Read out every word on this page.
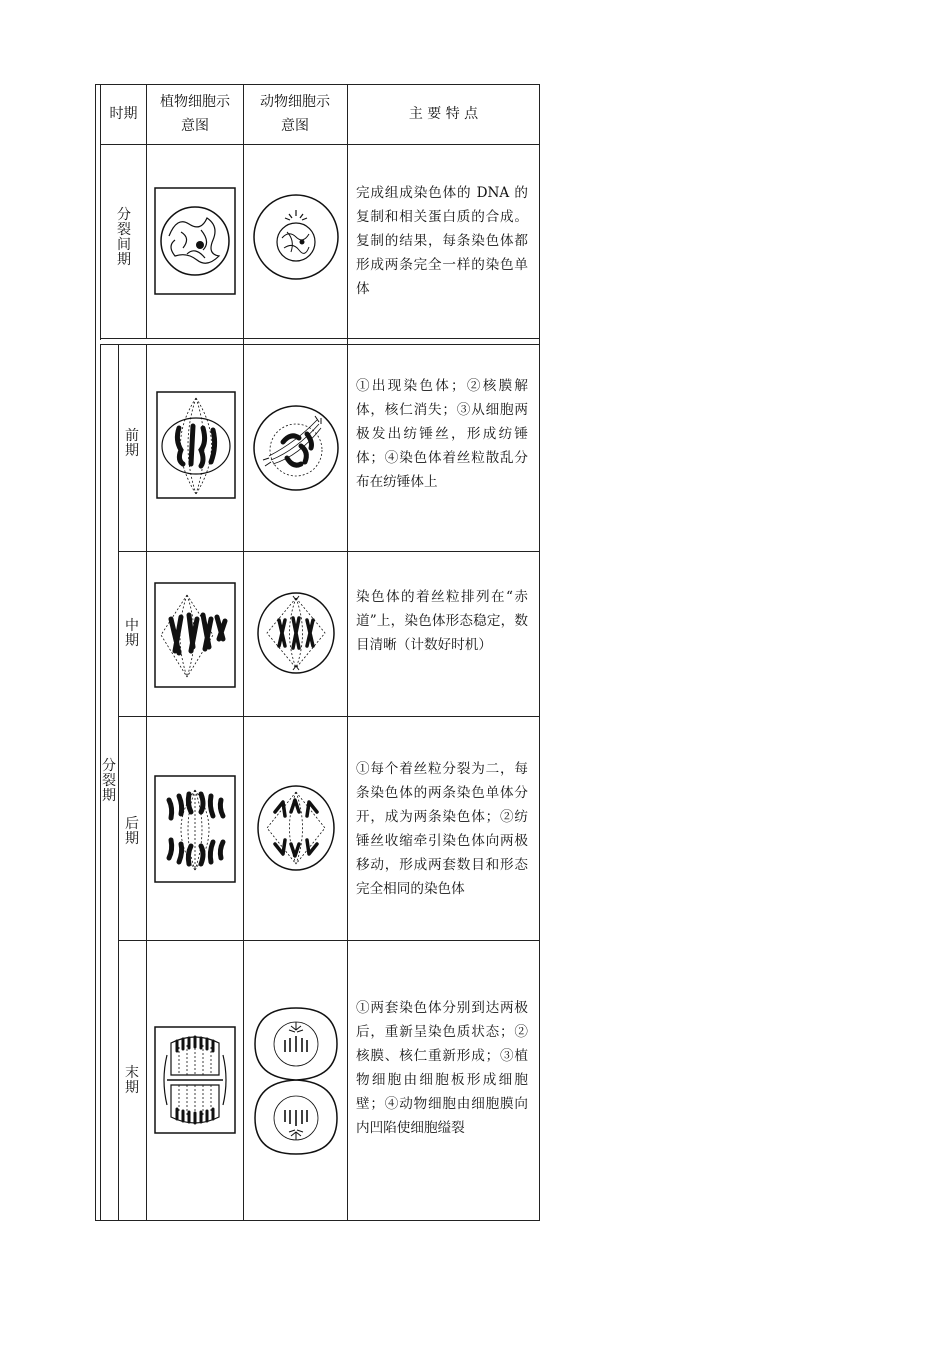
时期
植物细胞示意图
动物细胞示意图
主 要 特 点
分裂间期
完成组成染色体的 DNA 的复制和相关蛋白质的合成。复制的结果，每条染色体都形成两条完全一样的染色单体
分裂期
前期
①出现染色体；②核膜解体，核仁消失；③从细胞两极发出纺锤丝，形成纺锤体；④染色体着丝粒散乱分布在纺锤体上
中期
染色体的着丝粒排列在“赤道”上，染色体形态稳定，数目清晰（计数好时机）
后期
①每个着丝粒分裂为二，每条染色体的两条染色单体分开，成为两条染色体；②纺锤丝收缩牵引染色体向两极移动，形成两套数目和形态完全相同的染色体
末期
①两套染色体分别到达两极后，重新呈染色质状态；②核膜、核仁重新形成；③植物细胞由细胞板形成细胞壁；④动物细胞由细胞膜向内凹陷使细胞缢裂
